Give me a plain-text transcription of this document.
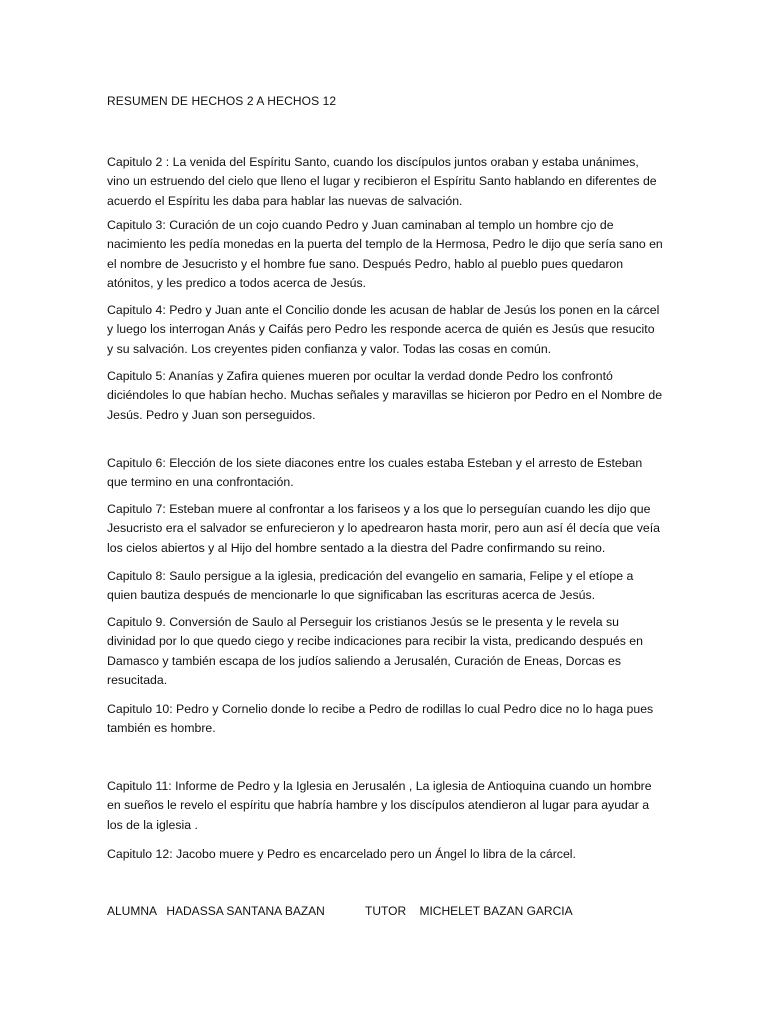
RESUMEN DE HECHOS 2 A HECHOS 12
Capitulo 2 : La venida del Espíritu Santo, cuando los discípulos juntos oraban y estaba unánimes, vino un estruendo del cielo que lleno el lugar y recibieron el Espíritu Santo hablando en diferentes de acuerdo el Espíritu les daba para hablar las nuevas de salvación.
Capitulo 3: Curación de un cojo cuando Pedro y Juan caminaban al templo un hombre cjo de nacimiento les pedía monedas en la puerta del templo de la Hermosa, Pedro le dijo que sería sano en el nombre de Jesucristo y el hombre fue sano. Después Pedro, hablo al pueblo pues quedaron atónitos, y les predico a todos acerca de Jesús.
Capitulo 4: Pedro y Juan ante el Concilio donde les acusan de hablar de Jesús los ponen en la cárcel y luego los interrogan Anás y Caifás pero Pedro les responde acerca de quién es Jesús que resucito y su salvación. Los creyentes piden confianza y valor. Todas las cosas en común.
Capitulo 5: Ananías y Zafira quienes mueren por ocultar la verdad donde Pedro los confrontó diciéndoles lo que habían hecho. Muchas señales y maravillas se hicieron por Pedro en el Nombre de Jesús. Pedro y Juan son perseguidos.
Capitulo 6: Elección de los siete diacones entre los cuales estaba Esteban y el arresto de Esteban que termino en una confrontación.
Capitulo 7: Esteban muere al confrontar a los fariseos y a los que lo perseguían cuando les dijo que Jesucristo era el salvador se enfurecieron y lo apedrearon hasta morir, pero aun así él decía que veía los cielos abiertos y al Hijo del hombre sentado a la diestra del Padre confirmando su reino.
Capitulo 8: Saulo persigue a la iglesia, predicación del evangelio en samaria, Felipe y el etíope a quien bautiza después de mencionarle lo que significaban las escrituras acerca de Jesús.
Capitulo 9. Conversión de Saulo al Perseguir los cristianos Jesús se le presenta y le revela su divinidad por lo que quedo ciego y recibe indicaciones para recibir la vista, predicando después en Damasco y también escapa de los judíos saliendo a Jerusalén, Curación de Eneas, Dorcas es resucitada.
Capitulo 10: Pedro y Cornelio donde lo recibe a Pedro de rodillas lo cual Pedro dice no lo haga pues también es hombre.
Capitulo 11: Informe de Pedro y la Iglesia en Jerusalén , La iglesia de Antioquina cuando un hombre en sueños le revelo el espíritu que habría hambre y los discípulos atendieron al lugar para ayudar a los de la iglesia .
Capitulo 12: Jacobo muere y Pedro es encarcelado pero un Ángel lo libra de la cárcel.
ALUMNA   HADASSA SANTANA BAZAN	TUTOR    MICHELET BAZAN GARCIA
